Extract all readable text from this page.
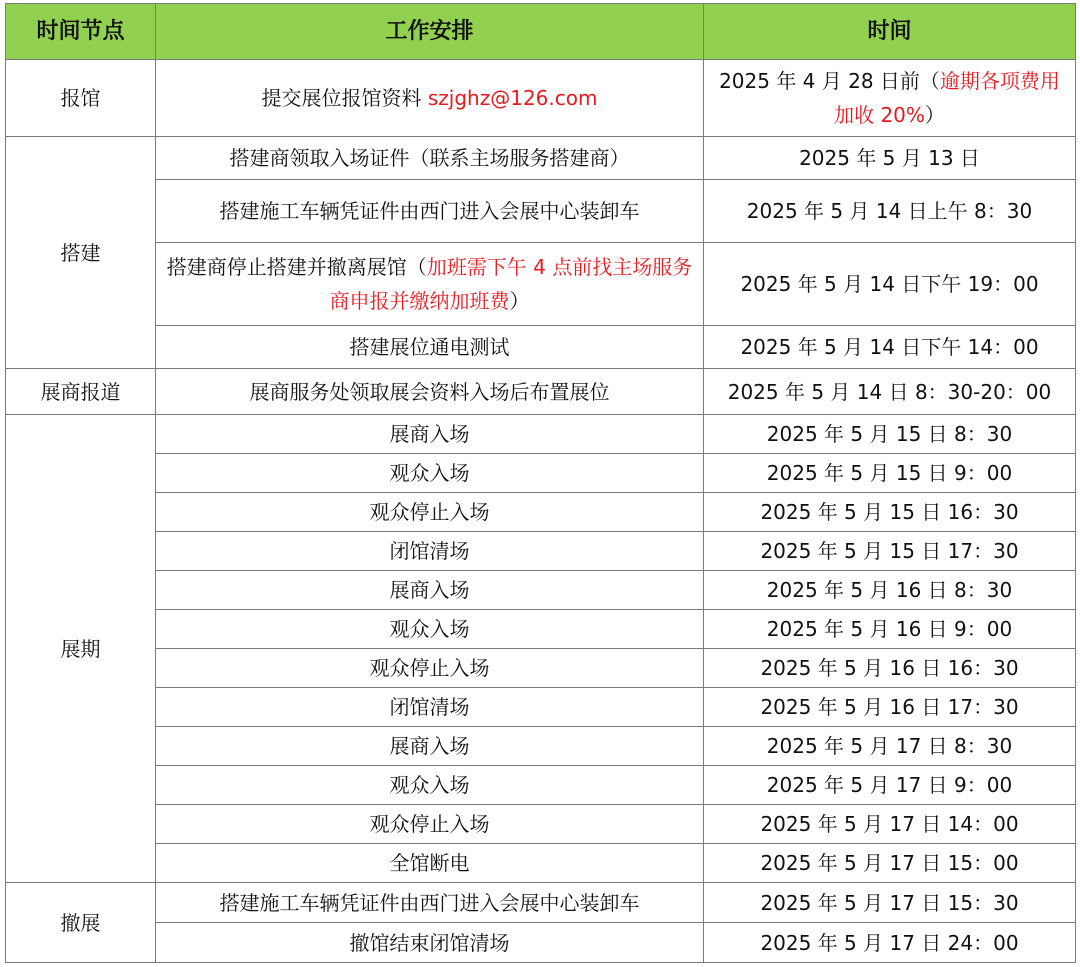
时间节点	工作安排	时间
报馆	提交展位报馆资料 szjghz@126.com	2025 年 4 月 28 日前（逾期各项费用加收 20%）
搭建	搭建商领取入场证件（联系主场服务搭建商）	2025 年 5 月 13 日
	搭建施工车辆凭证件由西门进入会展中心装卸车	2025 年 5 月 14 日上午 8：30
	搭建商停止搭建并撤离展馆（加班需下午 4 点前找主场服务商申报并缴纳加班费）	2025 年 5 月 14 日下午 19：00
	搭建展位通电测试	2025 年 5 月 14 日下午 14：00
展商报道	展商服务处领取展会资料入场后布置展位	2025 年 5 月 14 日 8：30-20：00
展期	展商入场	2025 年 5 月 15 日 8：30
	观众入场	2025 年 5 月 15 日 9：00
	观众停止入场	2025 年 5 月 15 日 16：30
	闭馆清场	2025 年 5 月 15 日 17：30
	展商入场	2025 年 5 月 16 日 8：30
	观众入场	2025 年 5 月 16 日 9：00
	观众停止入场	2025 年 5 月 16 日 16：30
	闭馆清场	2025 年 5 月 16 日 17：30
	展商入场	2025 年 5 月 17 日 8：30
	观众入场	2025 年 5 月 17 日 9：00
	观众停止入场	2025 年 5 月 17 日 14：00
	全馆断电	2025 年 5 月 17 日 15：00
撤展	搭建施工车辆凭证件由西门进入会展中心装卸车	2025 年 5 月 17 日 15：30
	撤馆结束闭馆清场	2025 年 5 月 17 日 24：00
